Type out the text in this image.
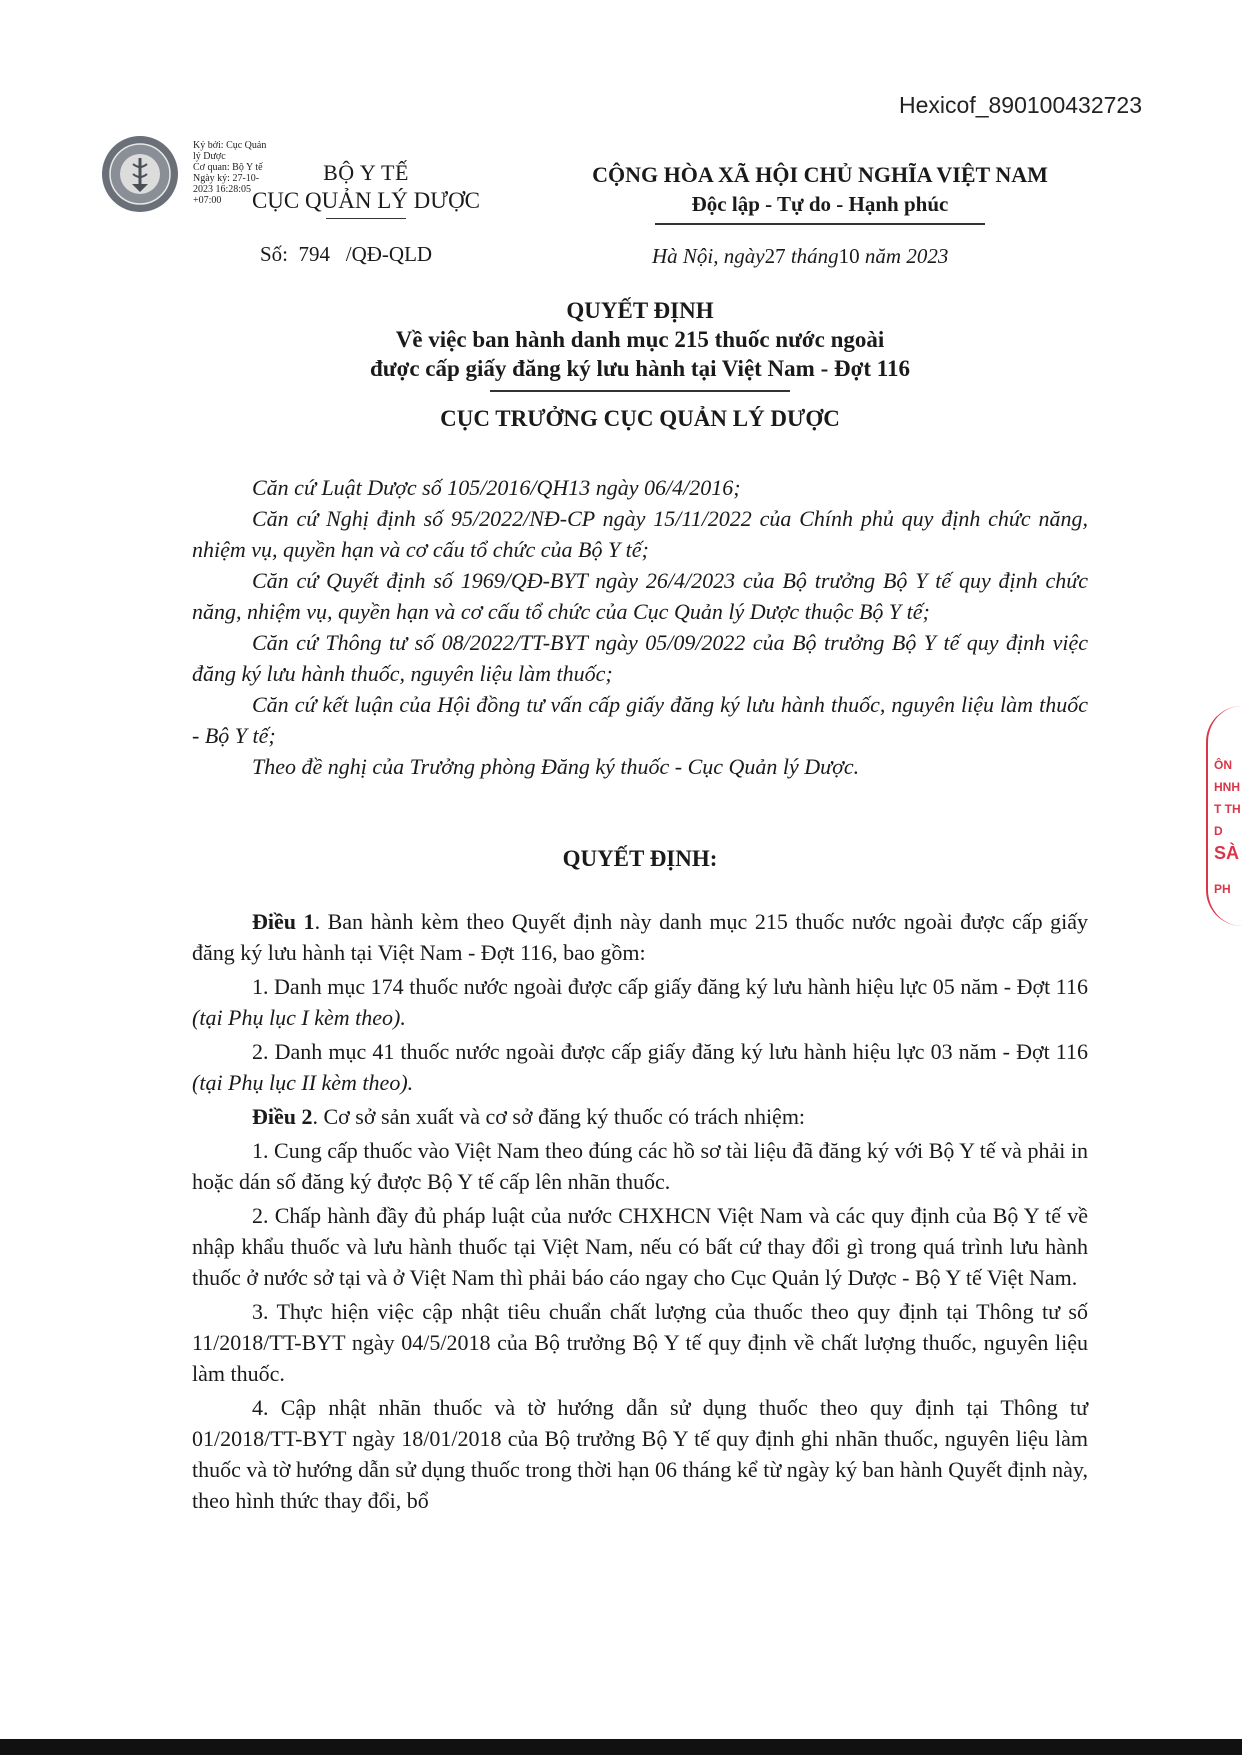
Hexicof_890100432723
Ký bởi: Cục Quản
lý Dược
Cơ quan: Bộ Y tế
Ngày ký: 27-10-
2023 16:28:05
+07:00
BỘ Y TẾ
CỤC QUẢN LÝ DƯỢC
CỘNG HÒA XÃ HỘI CHỦ NGHĨA VIỆT NAM
Độc lập - Tự do - Hạnh phúc
Số: 794 /QĐ-QLD	Hà Nội, ngày27 tháng10 năm 2023
QUYẾT ĐỊNH
Về việc ban hành danh mục 215 thuốc nước ngoài
được cấp giấy đăng ký lưu hành tại Việt Nam - Đợt 116
CỤC TRƯỞNG CỤC QUẢN LÝ DƯỢC

Căn cứ Luật Dược số 105/2016/QH13 ngày 06/4/2016;

Căn cứ Nghị định số 95/2022/NĐ-CP ngày 15/11/2022 của Chính phủ quy định chức năng, nhiệm vụ, quyền hạn và cơ cấu tổ chức của Bộ Y tế;

Căn cứ Quyết định số 1969/QĐ-BYT ngày 26/4/2023 của Bộ trưởng Bộ Y tế quy định chức năng, nhiệm vụ, quyền hạn và cơ cấu tổ chức của Cục Quản lý Dược thuộc Bộ Y tế;

Căn cứ Thông tư số 08/2022/TT-BYT ngày 05/09/2022 của Bộ trưởng Bộ Y tế quy định việc đăng ký lưu hành thuốc, nguyên liệu làm thuốc;

Căn cứ kết luận của Hội đồng tư vấn cấp giấy đăng ký lưu hành thuốc, nguyên liệu làm thuốc - Bộ Y tế;

Theo đề nghị của Trưởng phòng Đăng ký thuốc - Cục Quản lý Dược.

QUYẾT ĐỊNH:

Điều 1. Ban hành kèm theo Quyết định này danh mục 215 thuốc nước ngoài được cấp giấy đăng ký lưu hành tại Việt Nam - Đợt 116, bao gồm:

1. Danh mục 174 thuốc nước ngoài được cấp giấy đăng ký lưu hành hiệu lực 05 năm - Đợt 116 (tại Phụ lục I kèm theo).

2. Danh mục 41 thuốc nước ngoài được cấp giấy đăng ký lưu hành hiệu lực 03 năm - Đợt 116 (tại Phụ lục II kèm theo).

Điều 2. Cơ sở sản xuất và cơ sở đăng ký thuốc có trách nhiệm:

1. Cung cấp thuốc vào Việt Nam theo đúng các hồ sơ tài liệu đã đăng ký với Bộ Y tế và phải in hoặc dán số đăng ký được Bộ Y tế cấp lên nhãn thuốc.

2. Chấp hành đầy đủ pháp luật của nước CHXHCN Việt Nam và các quy định của Bộ Y tế về nhập khẩu thuốc và lưu hành thuốc tại Việt Nam, nếu có bất cứ thay đổi gì trong quá trình lưu hành thuốc ở nước sở tại và ở Việt Nam thì phải báo cáo ngay cho Cục Quản lý Dược - Bộ Y tế Việt Nam.

3. Thực hiện việc cập nhật tiêu chuẩn chất lượng của thuốc theo quy định tại Thông tư số 11/2018/TT-BYT ngày 04/5/2018 của Bộ trưởng Bộ Y tế quy định về chất lượng thuốc, nguyên liệu làm thuốc.

4. Cập nhật nhãn thuốc và tờ hướng dẫn sử dụng thuốc theo quy định tại Thông tư 01/2018/TT-BYT ngày 18/01/2018 của Bộ trưởng Bộ Y tế quy định ghi nhãn thuốc, nguyên liệu làm thuốc và tờ hướng dẫn sử dụng thuốc trong thời hạn 06 tháng kể từ ngày ký ban hành Quyết định này, theo hình thức thay đổi, bổ

ÔN
HNH
T TH
D
SÀ
PH
